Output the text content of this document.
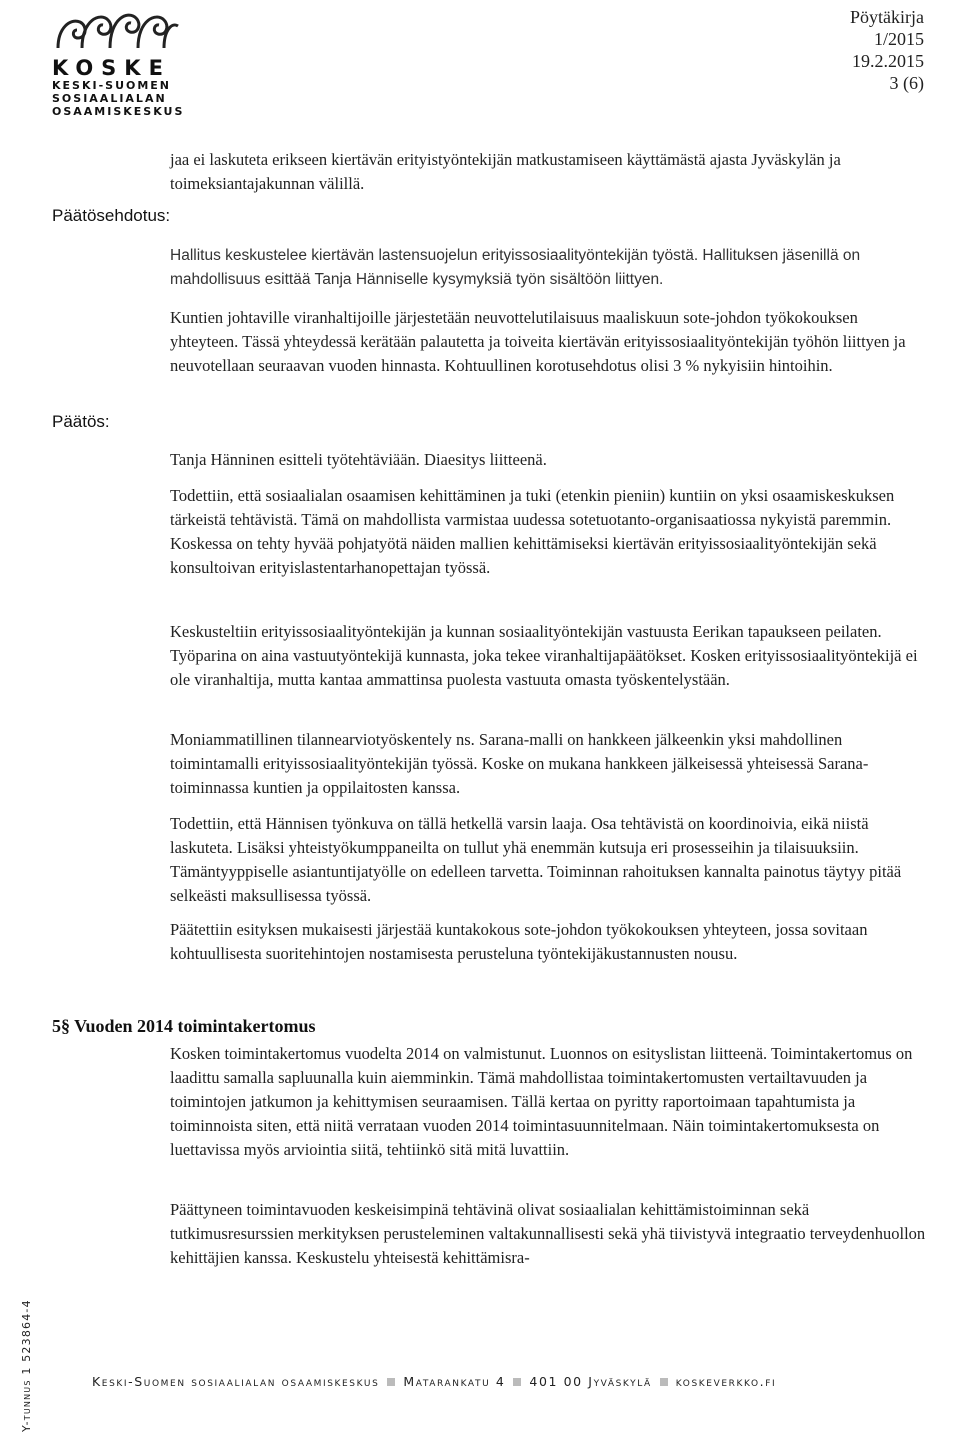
KOSKE
KESKI-SUOMEN
SOSIAALIALAN
OSAAMISKESKUS
Pöytäkirja
1/2015
19.2.2015
3 (6)

jaa ei laskuteta erikseen kiertävän erityistyöntekijän matkustamiseen käyttämästä ajasta Jyväskylän ja toimeksiantajakunnan välillä.

Päätösehdotus:

Hallitus keskustelee kiertävän lastensuojelun erityissosiaalityöntekijän työstä. Hallituksen jäsenillä on mahdollisuus esittää Tanja Hänniselle kysymyksiä työn sisältöön liittyen.

Kuntien johtaville viranhaltijoille järjestetään neuvottelutilaisuus maaliskuun sote-johdon työkokouksen yhteyteen. Tässä yhteydessä kerätään palautetta ja toiveita kiertävän erityissosiaalityöntekijän työhön liittyen ja neuvotellaan seuraavan vuoden hinnasta. Kohtuullinen korotusehdotus olisi 3 % nykyisiin hintoihin.

Päätös:

Tanja Hänninen esitteli työtehtäviään. Diaesitys liitteenä.

Todettiin, että sosiaalialan osaamisen kehittäminen ja tuki (etenkin pieniin) kuntiin on yksi osaamiskeskuksen tärkeistä tehtävistä. Tämä on mahdollista varmistaa uudessa sotetuotanto-organisaatiossa nykyistä paremmin. Koskessa on tehty hyvää pohjatyötä näiden mallien kehittämiseksi kiertävän erityissosiaalityöntekijän sekä konsultoivan erityislastentarhanopettajan työssä.

Keskusteltiin erityissosiaalityöntekijän ja kunnan sosiaalityöntekijän vastuusta Eerikan tapaukseen peilaten. Työparina on aina vastuutyöntekijä kunnasta, joka tekee viranhaltijapäätökset. Kosken erityissosiaalityöntekijä ei ole viranhaltija, mutta kantaa ammattinsa puolesta vastuuta omasta työskentelystään.

Moniammatillinen tilannearviotyöskentely ns. Sarana-malli on hankkeen jälkeenkin yksi mahdollinen toimintamalli erityissosiaalityöntekijän työssä. Koske on mukana hankkeen jälkeisessä yhteisessä Sarana-toiminnassa kuntien ja oppilaitosten kanssa.

Todettiin, että Hännisen työnkuva on tällä hetkellä varsin laaja. Osa tehtävistä on koordinoivia, eikä niistä laskuteta. Lisäksi yhteistyökumppaneilta on tullut yhä enemmän kutsuja eri prosesseihin ja tilaisuuksiin. Tämäntyyppiselle asiantuntijatyölle on edelleen tarvetta. Toiminnan rahoituksen kannalta painotus täytyy pitää selkeästi maksullisessa työssä.

Päätettiin esityksen mukaisesti järjestää kuntakokous sote-johdon työkokouksen yhteyteen, jossa sovitaan kohtuullisesta suoritehintojen nostamisesta perusteluna työntekijäkustannusten nousu.

5§ Vuoden 2014 toimintakertomus

Kosken toimintakertomus vuodelta 2014 on valmistunut. Luonnos on esityslistan liitteenä. Toimintakertomus on laadittu samalla sapluunalla kuin aiemminkin. Tämä mahdollistaa toimintakertomusten vertailtavuuden ja toimintojen jatkumon ja kehittymisen seuraamisen. Tällä kertaa on pyritty raportoimaan tapahtumista ja toiminnoista siten, että niitä verrataan vuoden 2014 toimintasuunnitelmaan. Näin toimintakertomuksesta on luettavissa myös arviointia siitä, tehtiinkö sitä mitä luvattiin.

Päättyneen toimintavuoden keskeisimpinä tehtävinä olivat sosiaalialan kehittämistoiminnan sekä tutkimusresurssien merkityksen perusteleminen valtakunnallisesti sekä yhä tiivistyvä integraatio terveydenhuollon kehittäjien kanssa. Keskustelu yhteisestä kehittämisra-

Keski-Suomen sosiaalialan osaamiskeskus Matarankatu 4 401 00 Jyväskylä koskeverkko.fi
Y-tunnus 1 523864-4
